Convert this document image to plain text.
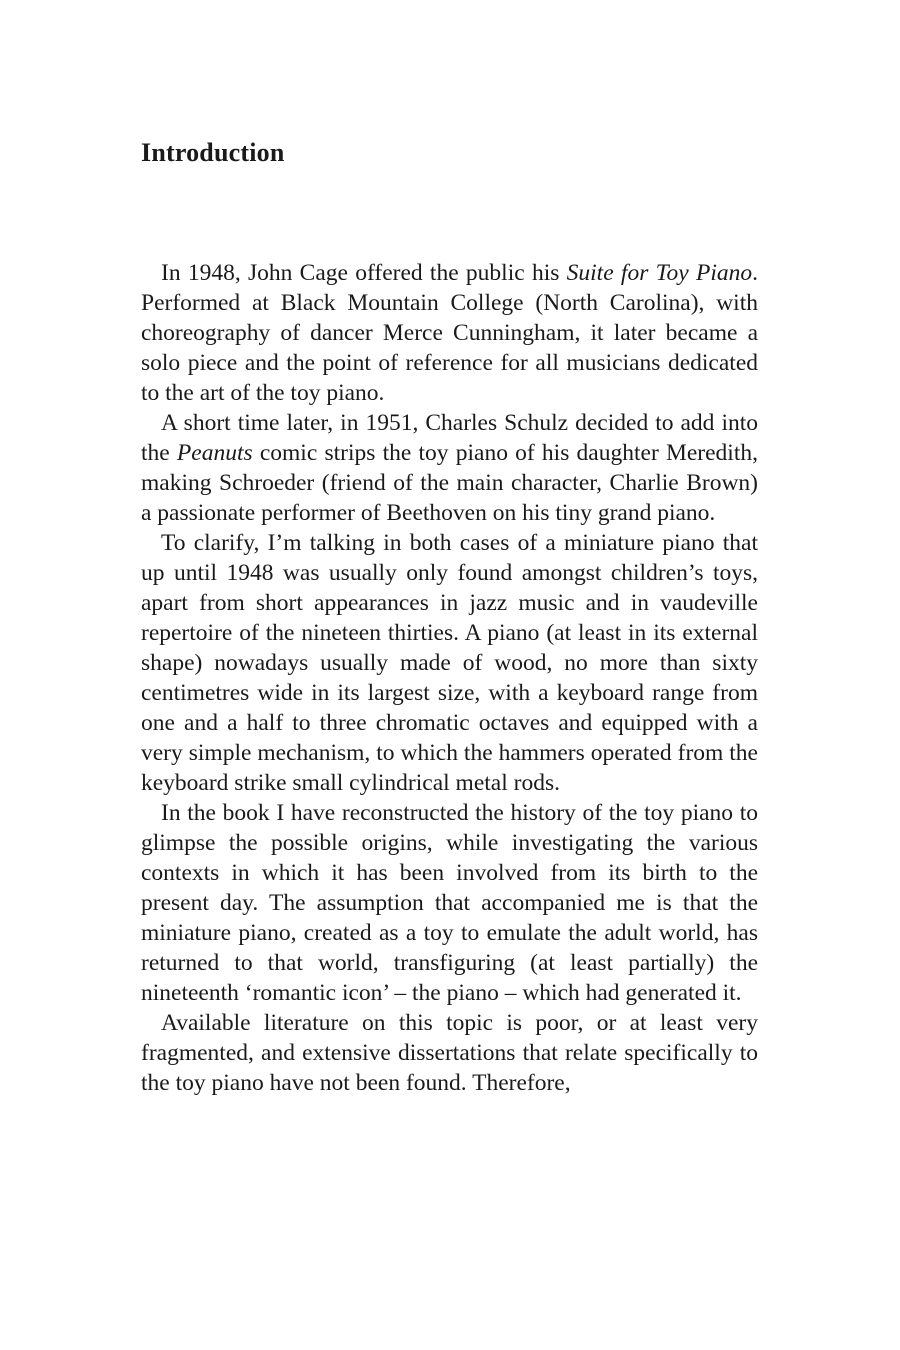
Introduction

In 1948, John Cage offered the public his Suite for Toy Piano. Performed at Black Mountain College (North Carolina), with choreography of dancer Merce Cunningham, it later became a solo piece and the point of reference for all musicians dedicated to the art of the toy piano.

A short time later, in 1951, Charles Schulz decided to add into the Peanuts comic strips the toy piano of his daughter Meredith, making Schroeder (friend of the main character, Charlie Brown) a passionate performer of Beethoven on his tiny grand piano.

To clarify, I’m talking in both cases of a miniature piano that up until 1948 was usually only found amongst children’s toys, apart from short appearances in jazz music and in vaudeville repertoire of the nineteen thirties. A piano (at least in its external shape) nowadays usually made of wood, no more than sixty centimetres wide in its largest size, with a keyboard range from one and a half to three chromatic octaves and equipped with a very simple mechanism, to which the hammers operated from the keyboard strike small cylindrical metal rods.

In the book I have reconstructed the history of the toy piano to glimpse the possible origins, while investigating the various contexts in which it has been involved from its birth to the present day. The assumption that accompanied me is that the miniature piano, created as a toy to emulate the adult world, has returned to that world, transfiguring (at least partially) the nineteenth ‘romantic icon’ – the piano – which had generated it.

Available literature on this topic is poor, or at least very fragmented, and extensive dissertations that relate specifically to the toy piano have not been found. Therefore,
